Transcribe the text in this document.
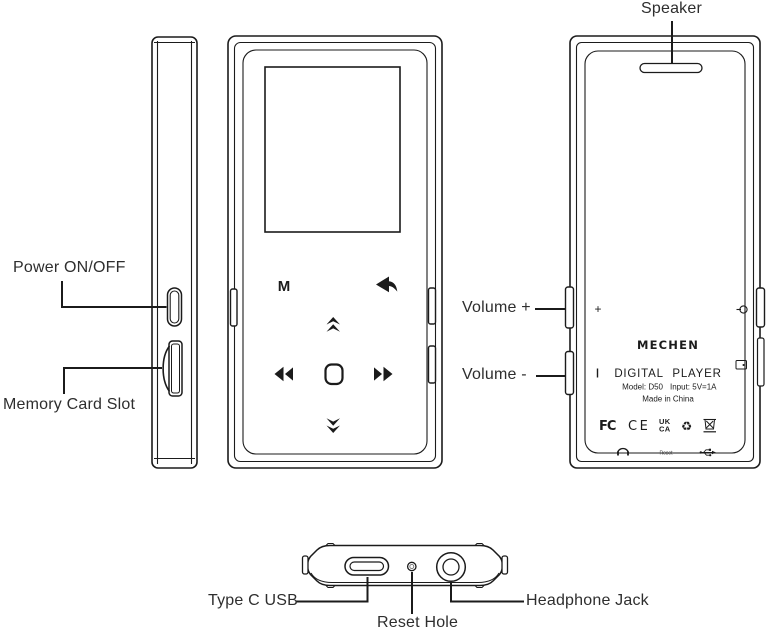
M
+
MECHEN
DIGITAL PLAYER
Model: D50 Input: 5V=1A
Made in China
FC CE UK
CA ♻
Reset
Speaker
Power ON/OFF
Memory Card Slot
Volume +
Volume -
Type C USB
Reset Hole
Headphone Jack
